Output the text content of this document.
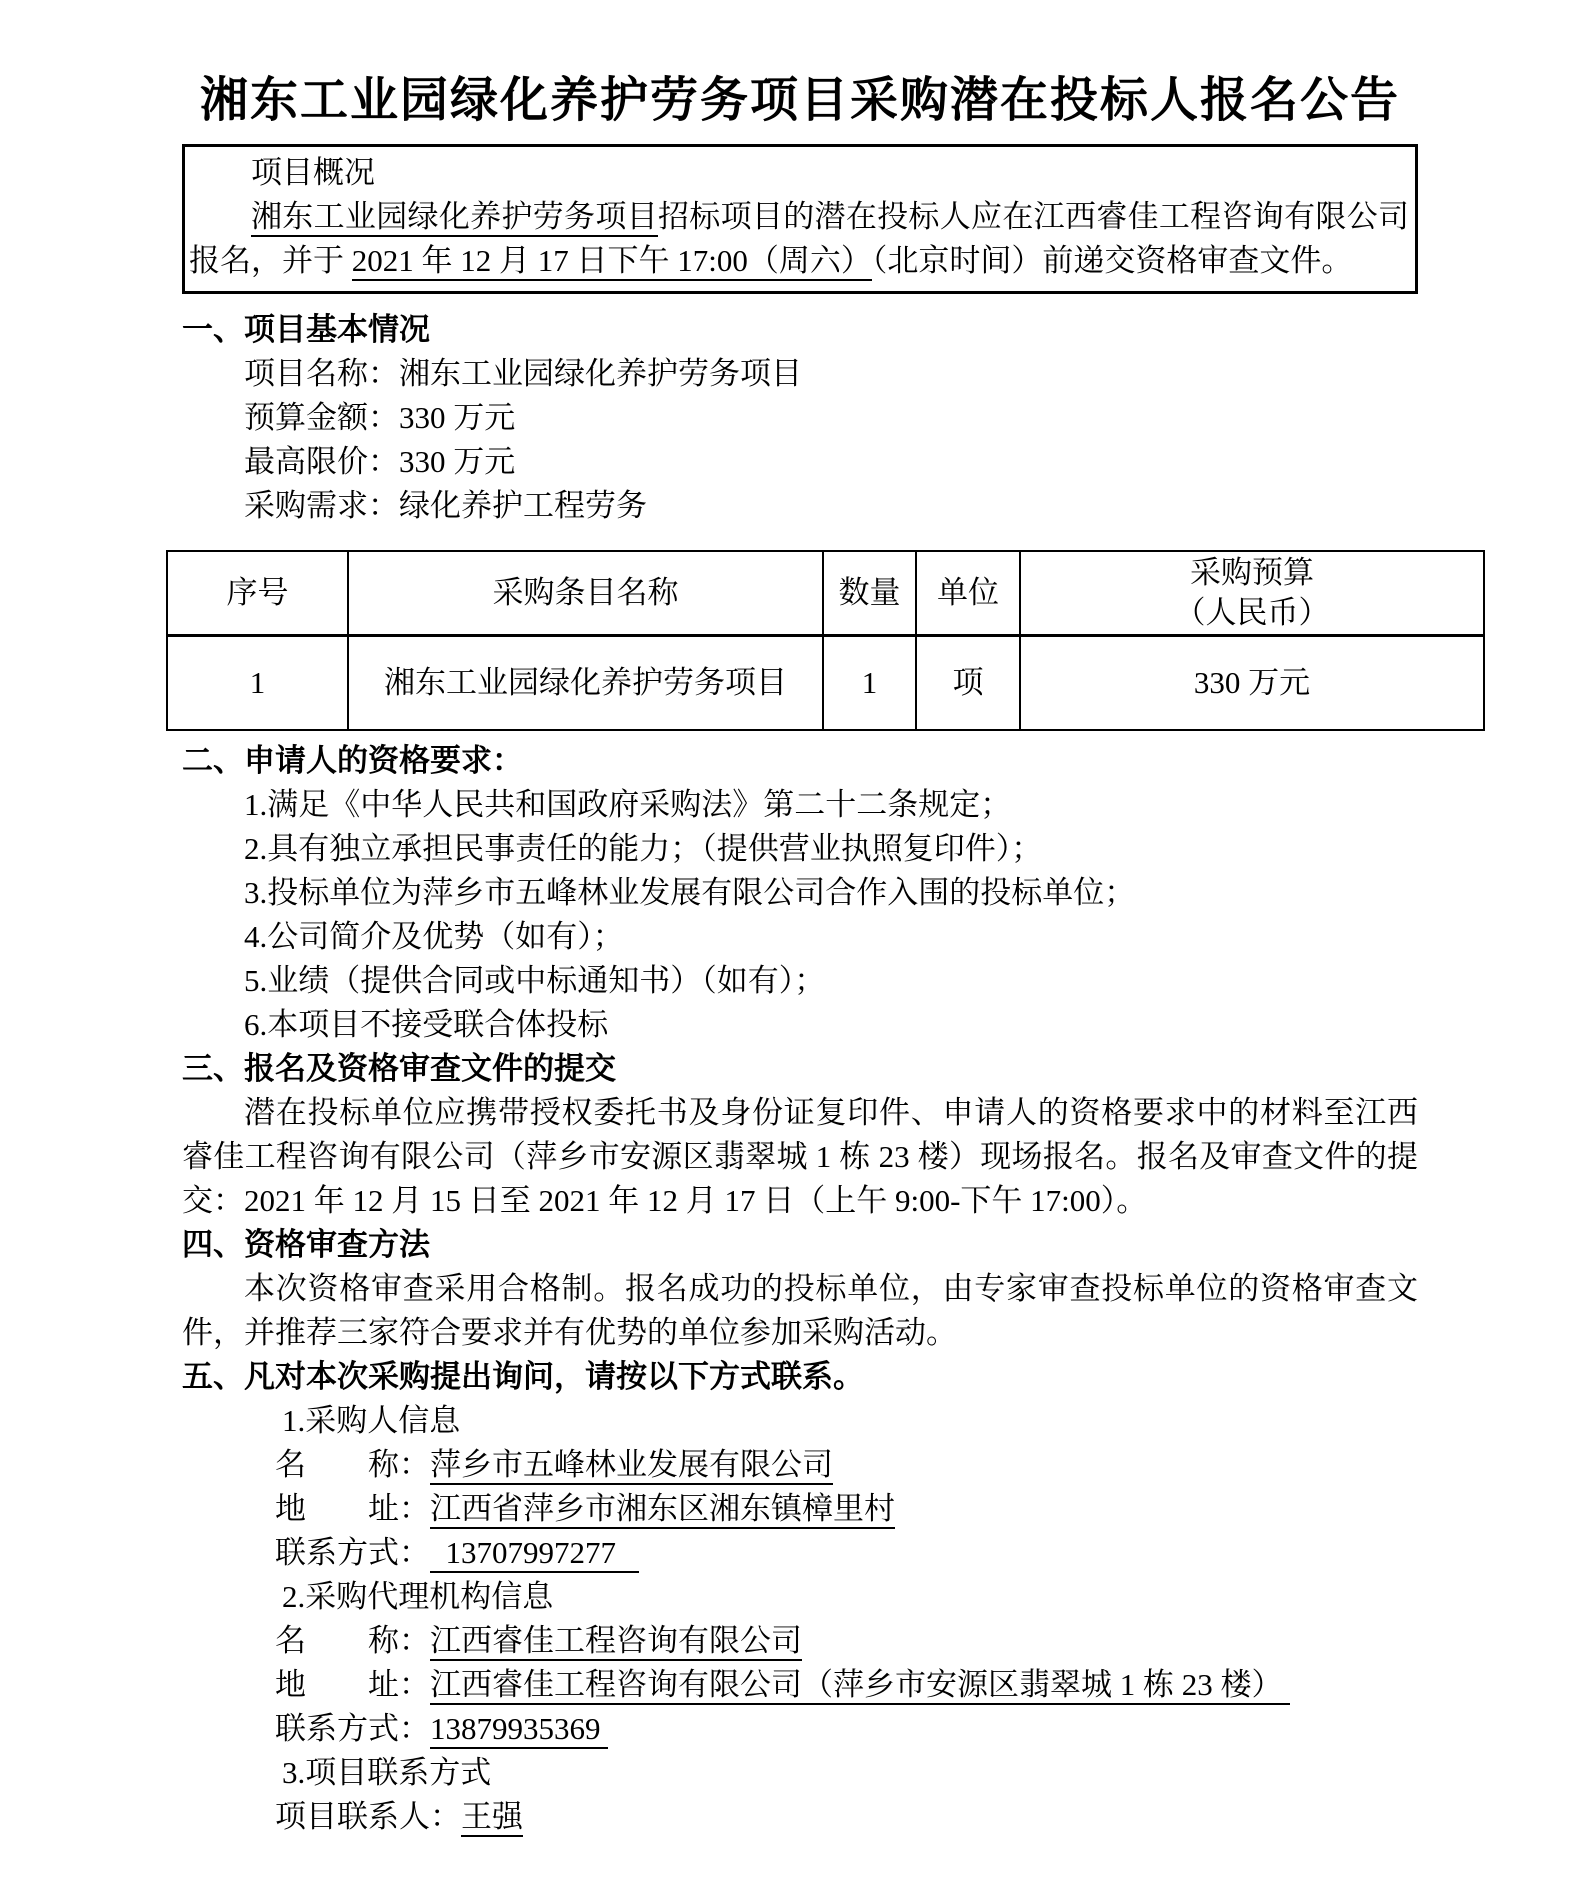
湘东工业园绿化养护劳务项目采购潜在投标人报名公告
项目概况

湘东工业园绿化养护劳务项目招标项目的潜在投标人应在江西睿佳工程咨询有限公司报名，并于 2021 年 12 月 17 日下午 17:00（周六）（北京时间）前递交资格审查文件。

一、项目基本情况
项目名称：湘东工业园绿化养护劳务项目
预算金额：330 万元
最高限价：330 万元
采购需求：绿化养护工程劳务
序号	采购条目名称	数量	单位	采购预算
（人民币）

1	湘东工业园绿化养护劳务项目	1	项	330 万元
二、申请人的资格要求：
1.满足《中华人民共和国政府采购法》第二十二条规定；
2.具有独立承担民事责任的能力；（提供营业执照复印件）；
3.投标单位为萍乡市五峰林业发展有限公司合作入围的投标单位；
4.公司简介及优势（如有）；
5.业绩（提供合同或中标通知书）（如有）；
6.本项目不接受联合体投标
三、报名及资格审查文件的提交

潜在投标单位应携带授权委托书及身份证复印件、申请人的资格要求中的材料至江西睿佳工程咨询有限公司（萍乡市安源区翡翠城 1 栋 23 楼）现场报名。报名及审查文件的提交：2021 年 12 月 15 日至 2021 年 12 月 17 日（上午 9:00-下午 17:00）。

四、资格审查方法

本次资格审查采用合格制。报名成功的投标单位，由专家审查投标单位的资格审查文件，并推荐三家符合要求并有优势的单位参加采购活动。

五、凡对本次采购提出询问，请按以下方式联系。
1.采购人信息
名　　称：萍乡市五峰林业发展有限公司
地　　址：江西省萍乡市湘东区湘东镇樟里村
联系方式：  13707997277
2.采购代理机构信息
名　　称：江西睿佳工程咨询有限公司
地　　址：江西睿佳工程咨询有限公司（萍乡市安源区翡翠城 1 栋 23 楼）
联系方式：13879935369
3.项目联系方式
项目联系人：王强
